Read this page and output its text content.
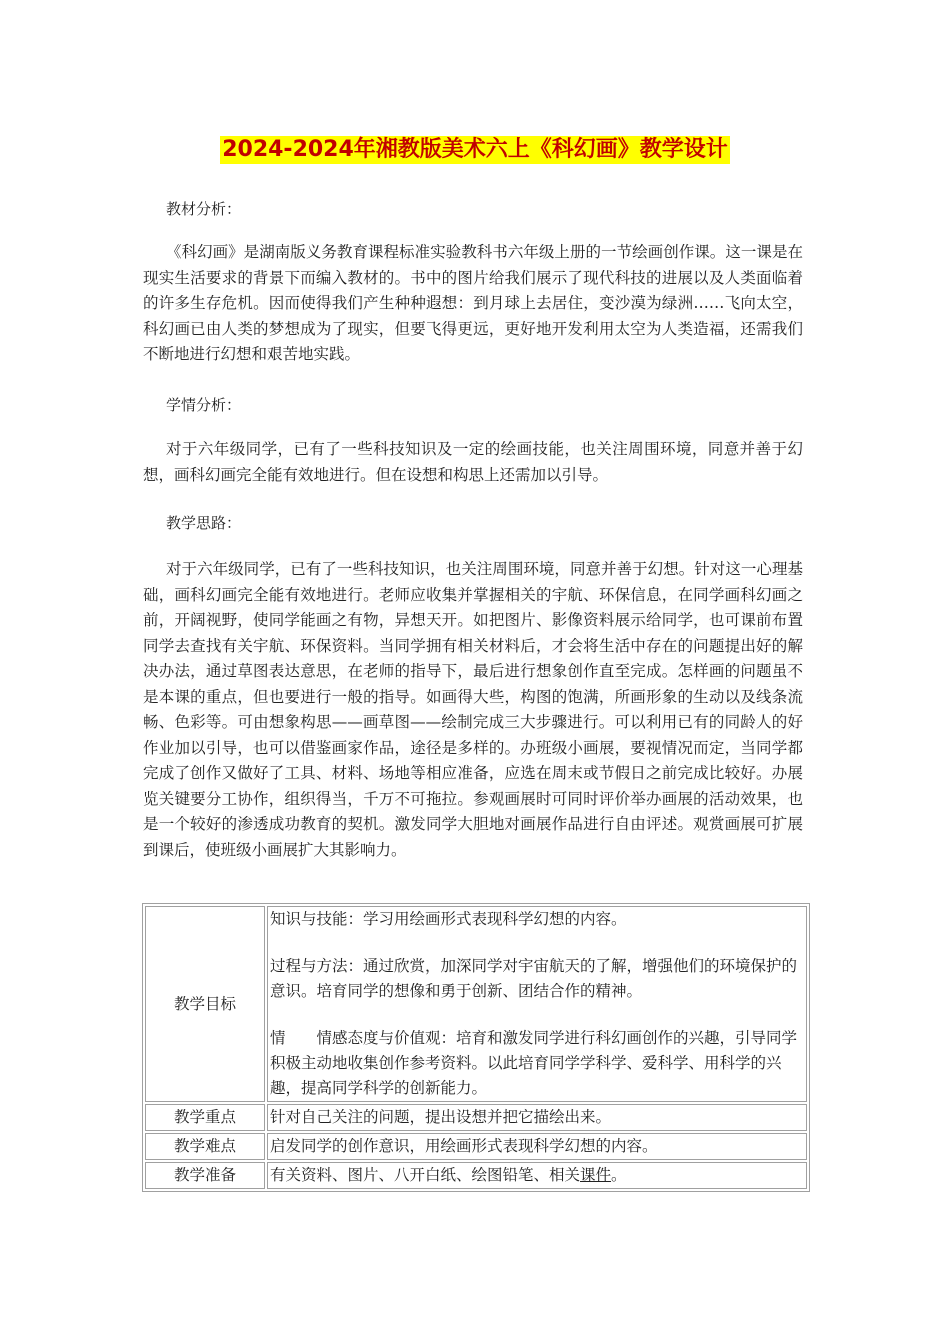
2024-2024年湘教版美术六上《科幻画》教学设计
教材分析：

《科幻画》是湖南版义务教育课程标准实验教科书六年级上册的一节绘画创作课。这一课是在现实生活要求的背景下而编入教材的。书中的图片给我们展示了现代科技的进展以及人类面临着的许多生存危机。因而使得我们产生种种遐想：到月球上去居住，变沙漠为绿洲……飞向太空，科幻画已由人类的梦想成为了现实，但要飞得更远，更好地开发利用太空为人类造福，还需我们不断地进行幻想和艰苦地实践。

学情分析：

对于六年级同学，已有了一些科技知识及一定的绘画技能，也关注周围环境，同意并善于幻想，画科幻画完全能有效地进行。但在设想和构思上还需加以引导。

教学思路：

对于六年级同学，已有了一些科技知识，也关注周围环境，同意并善于幻想。针对这一心理基础，画科幻画完全能有效地进行。老师应收集并掌握相关的宇航、环保信息，在同学画科幻画之前，开阔视野，使同学能画之有物，异想天开。如把图片、影像资料展示给同学，也可课前布置同学去查找有关宇航、环保资料。当同学拥有相关材料后，才会将生活中存在的问题提出好的解决办法，通过草图表达意思，在老师的指导下，最后进行想象创作直至完成。怎样画的问题虽不是本课的重点，但也要进行一般的指导。如画得大些，构图的饱满，所画形象的生动以及线条流畅、色彩等。可由想象构思——画草图——绘制完成三大步骤进行。可以利用已有的同龄人的好作业加以引导，也可以借鉴画家作品，途径是多样的。办班级小画展，要视情况而定，当同学都完成了创作又做好了工具、材料、场地等相应准备，应选在周末或节假日之前完成比较好。办展览关键要分工协作，组织得当，千万不可拖拉。参观画展时可同时评价举办画展的活动效果，也是一个较好的渗透成功教育的契机。激发同学大胆地对画展作品进行自由评述。观赏画展可扩展到课后，使班级小画展扩大其影响力。

教学目标	知识与技能：学习用绘画形式表现科学幻想的内容。
过程与方法：通过欣赏，加深同学对宇宙航天的了解，增强他们的环境保护的意识。培育同学的想像和勇于创新、团结合作的精神。
情　　情感态度与价值观：培育和激发同学进行科幻画创作的兴趣，引导同学积极主动地收集创作参考资料。以此培育同学学科学、爱科学、用科学的兴趣，提高同学科学的创新能力。

教学重点	针对自己关注的问题，提出设想并把它描绘出来。
教学难点	启发同学的创作意识，用绘画形式表现科学幻想的内容。
教学准备	有关资料、图片、八开白纸、绘图铅笔、相关课件。
